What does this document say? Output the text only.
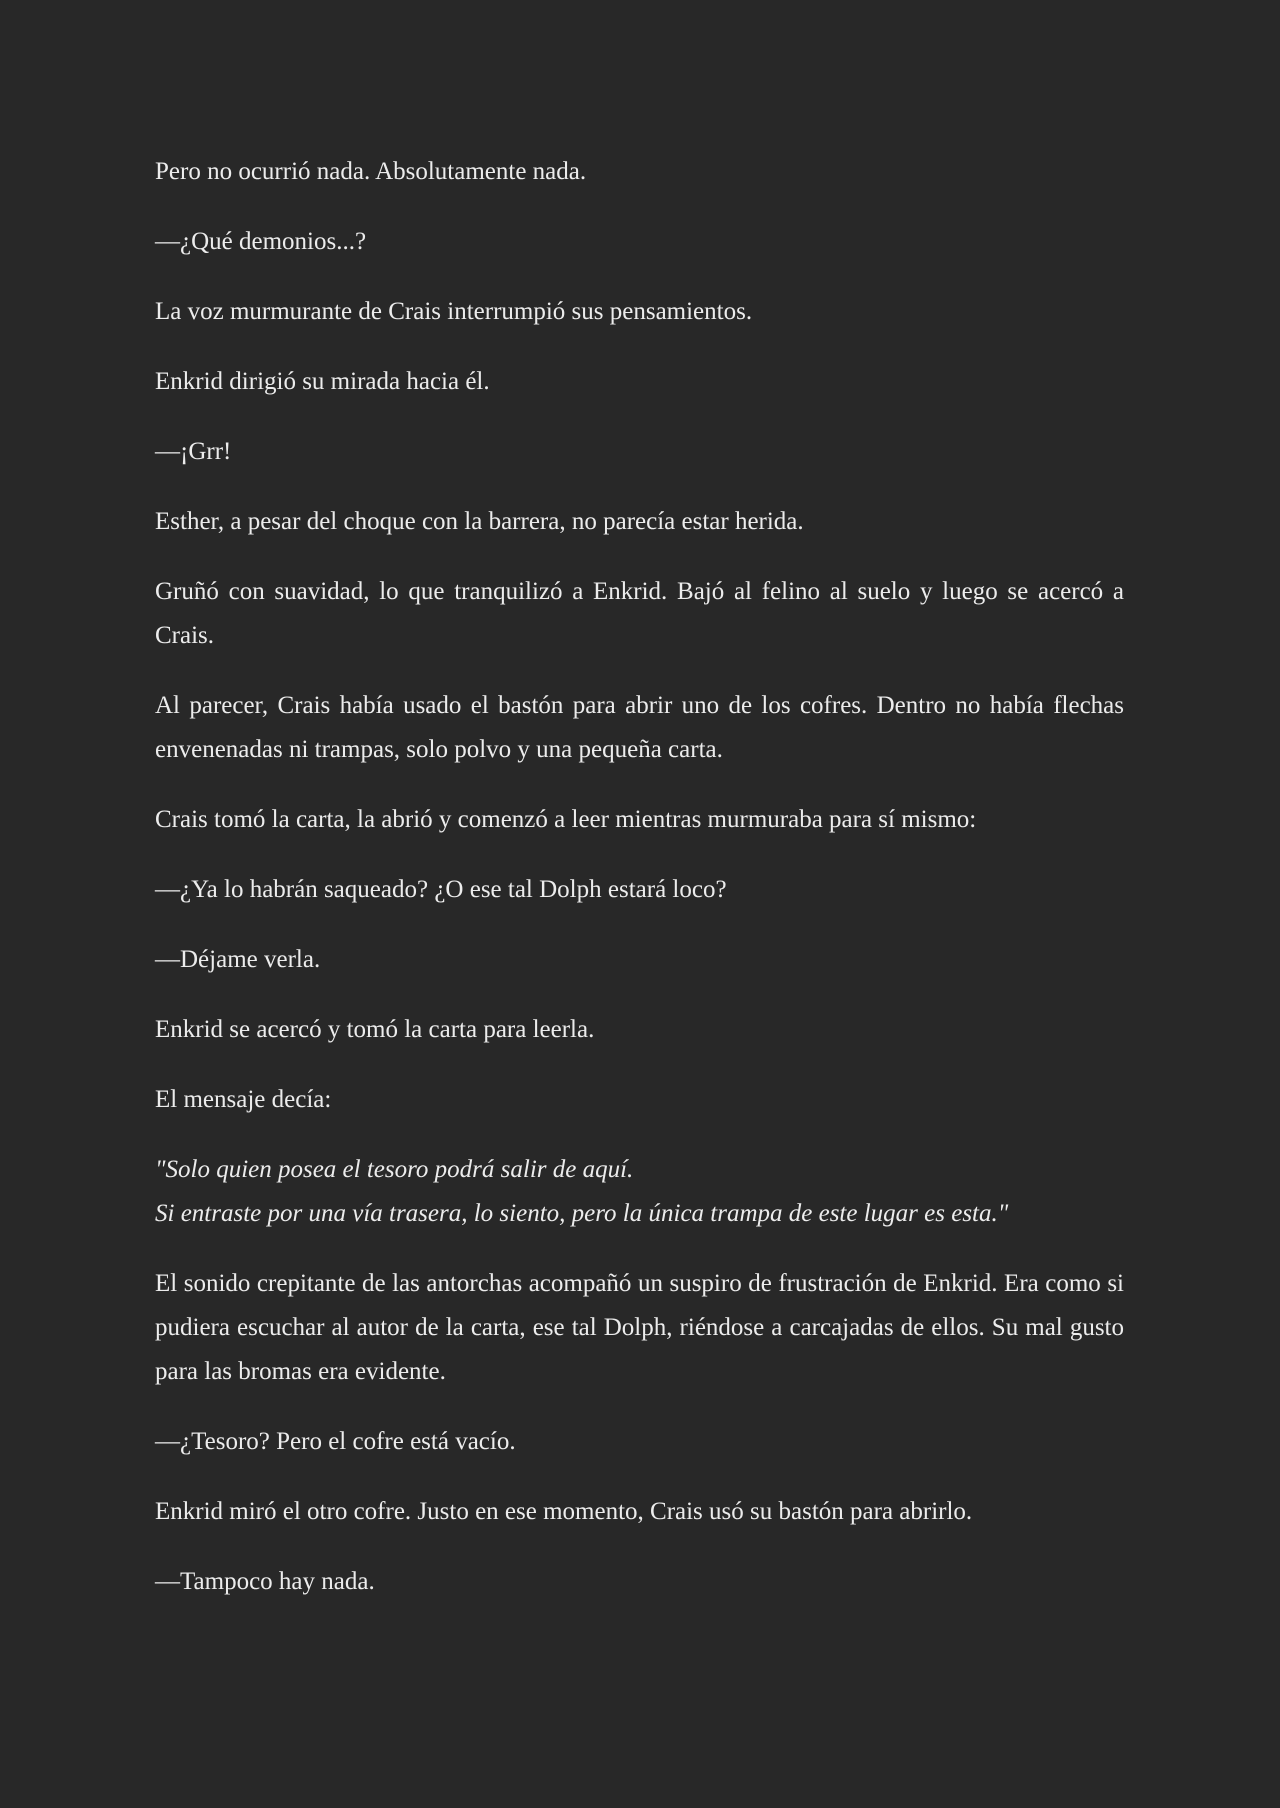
Pero no ocurrió nada. Absolutamente nada.

—¿Qué demonios...?

La voz murmurante de Crais interrumpió sus pensamientos.

Enkrid dirigió su mirada hacia él.

—¡Grr!

Esther, a pesar del choque con la barrera, no parecía estar herida.

Gruñó con suavidad, lo que tranquilizó a Enkrid. Bajó al felino al suelo y luego se acercó a Crais.

Al parecer, Crais había usado el bastón para abrir uno de los cofres. Dentro no había flechas envenenadas ni trampas, solo polvo y una pequeña carta.

Crais tomó la carta, la abrió y comenzó a leer mientras murmuraba para sí mismo:

—¿Ya lo habrán saqueado? ¿O ese tal Dolph estará loco?

—Déjame verla.

Enkrid se acercó y tomó la carta para leerla.

El mensaje decía:

"Solo quien posea el tesoro podrá salir de aquí.
Si entraste por una vía trasera, lo siento, pero la única trampa de este lugar es esta."

El sonido crepitante de las antorchas acompañó un suspiro de frustración de Enkrid. Era como si pudiera escuchar al autor de la carta, ese tal Dolph, riéndose a carcajadas de ellos. Su mal gusto para las bromas era evidente.

—¿Tesoro? Pero el cofre está vacío.

Enkrid miró el otro cofre. Justo en ese momento, Crais usó su bastón para abrirlo.

—Tampoco hay nada.
